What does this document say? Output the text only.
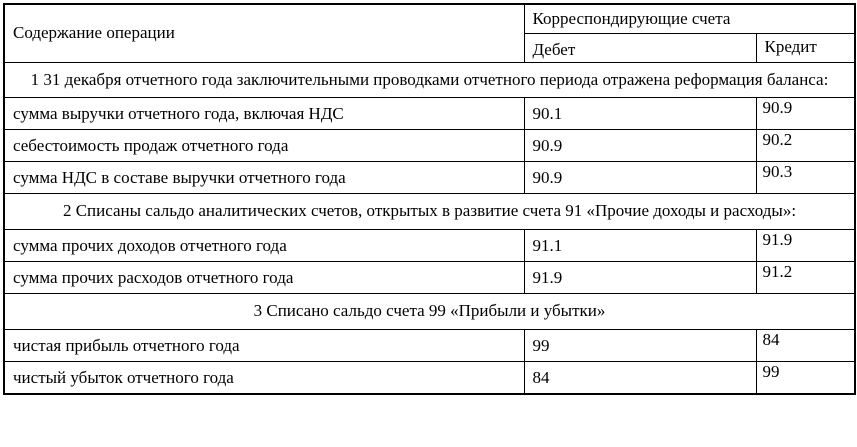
Содержание операции	Корреспондирующие счета	
	Дебет	Кредит
1 31 декабря отчетного года заключительными проводками отчетного периода отражена реформация баланса:		
сумма выручки отчетного года, включая НДС	90.1	90.9
себестоимость продаж отчетного года	90.9	90.2
сумма НДС в составе выручки отчетного года	90.9	90.3
2 Списаны сальдо аналитических счетов, открытых в развитие счета 91 «Прочие доходы и расходы»:		
сумма прочих доходов отчетного года	91.1	91.9
сумма прочих расходов отчетного года	91.9	91.2
3 Списано сальдо счета 99 «Прибыли и убытки»		
чистая прибыль отчетного года	99	84
чистый убыток отчетного года	84	99
